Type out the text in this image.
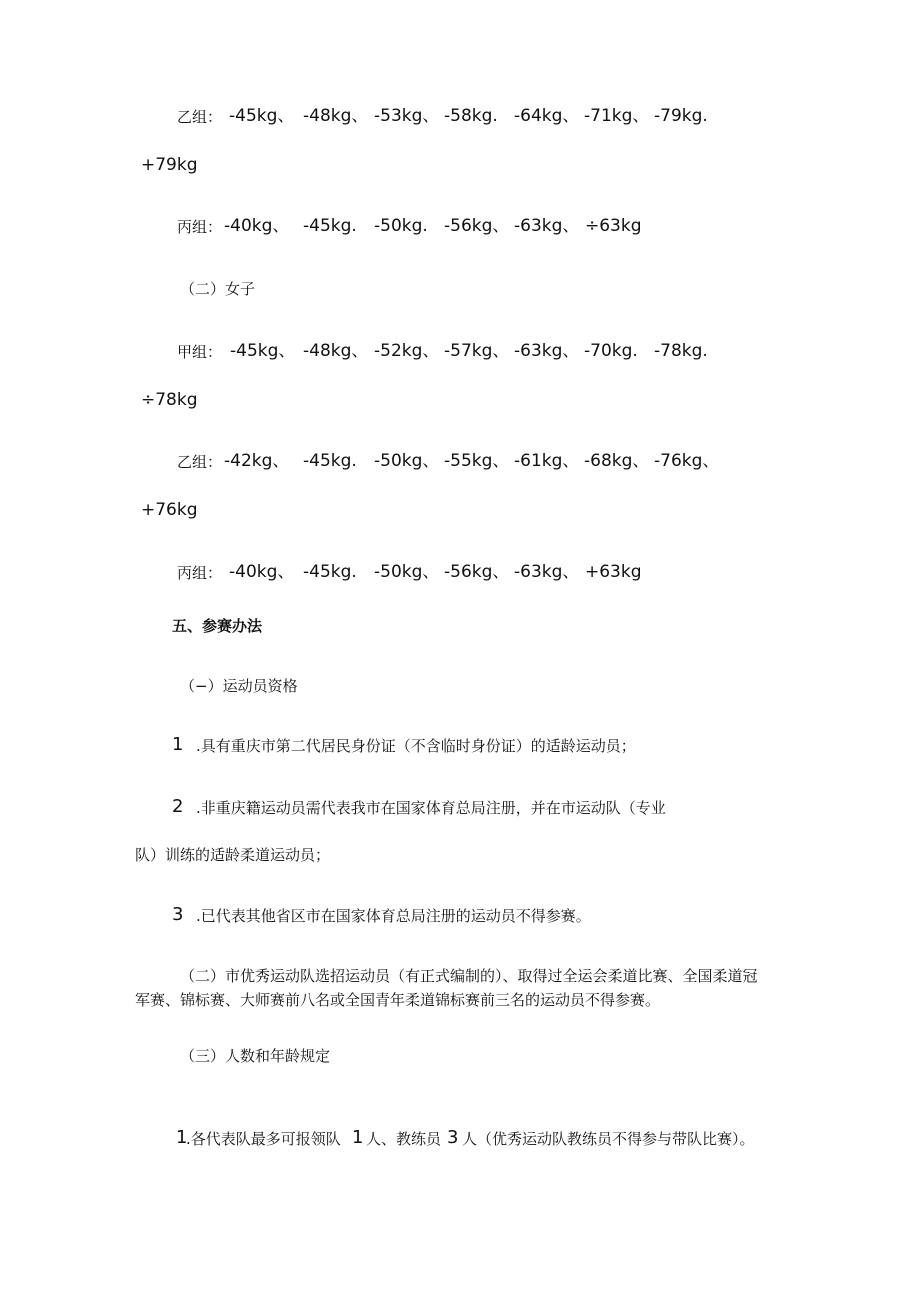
乙组： -45kg、 -48kg、 -53kg、 -58kg. -64kg、 -71kg、 -79kg.
+79kg
丙组： -40kg、 -45kg. -50kg. -56kg、 -63kg、 ÷63kg
（二）女子
甲组： -45kg、 -48kg、 -52kg、 -57kg、 -63kg、 -70kg. -78kg.
÷78kg
乙组： -42kg、 -45kg. -50kg、 -55kg、 -61kg、 -68kg、 -76kg、
+76kg
丙组： -40kg、 -45kg. -50kg、 -56kg、 -63kg、 +63kg
五、参赛办法
（−）运动员资格
1 .具有重庆市第二代居民身份证（不含临时身份证）的适龄运动员；
2 .非重庆籍运动员需代表我市在国家体育总局注册，并在市运动队（专业
队）训练的适龄柔道运动员；
3 .已代表其他省区市在国家体育总局注册的运动员不得参赛。
（二）市优秀运动队选招运动员（有正式编制的）、取得过全运会柔道比赛、全国柔道冠
军赛、锦标赛、大师赛前八名或全国青年柔道锦标赛前三名的运动员不得参赛。
（三）人数和年龄规定
1
.各代表队最多可报领队 1 人、教练员 3 人（优秀运动队教练员不得参与带队比赛）。
